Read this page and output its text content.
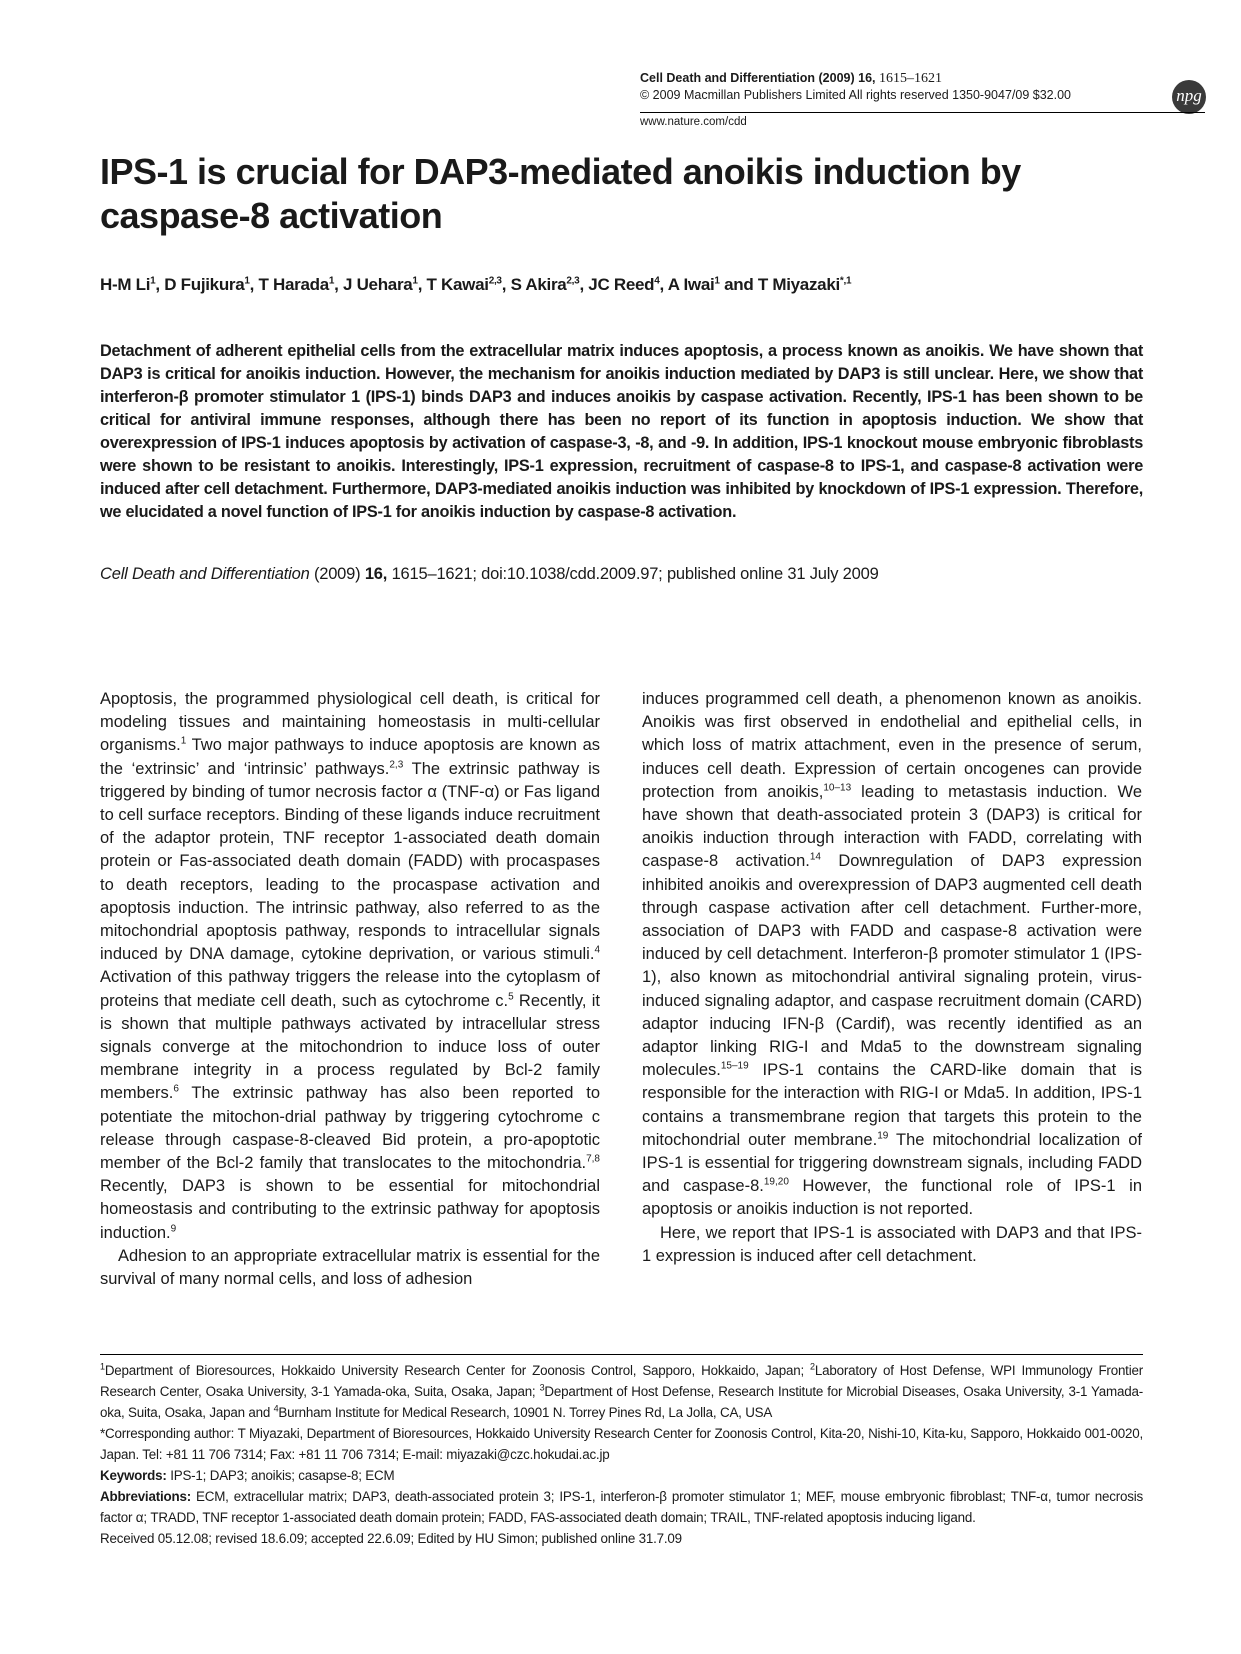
Cell Death and Differentiation (2009) 16, 1615–1621
© 2009 Macmillan Publishers Limited All rights reserved 1350-9047/09 $32.00	npg
www.nature.com/cdd
IPS-1 is crucial for DAP3-mediated anoikis induction by caspase-8 activation
H-M Li$^1$, D Fujikura$^1$, T Harada$^1$, J Uehara$^1$, T Kawai$^{2,3}$, S Akira$^{2,3}$, JC Reed$^4$, A Iwai$^1$ and T Miyazaki$^{*,1}$
Detachment of adherent epithelial cells from the extracellular matrix induces apoptosis, a process known as anoikis. We have shown that DAP3 is critical for anoikis induction. However, the mechanism for anoikis induction mediated by DAP3 is still unclear. Here, we show that interferon-β promoter stimulator 1 (IPS-1) binds DAP3 and induces anoikis by caspase activation. Recently, IPS-1 has been shown to be critical for antiviral immune responses, although there has been no report of its function in apoptosis induction. We show that overexpression of IPS-1 induces apoptosis by activation of caspase-3, -8, and -9. In addition, IPS-1 knockout mouse embryonic fibroblasts were shown to be resistant to anoikis. Interestingly, IPS-1 expression, recruitment of caspase-8 to IPS-1, and caspase-8 activation were induced after cell detachment. Furthermore, DAP3-mediated anoikis induction was inhibited by knockdown of IPS-1 expression. Therefore, we elucidated a novel function of IPS-1 for anoikis induction by caspase-8 activation.
Cell Death and Differentiation (2009) 16, 1615–1621; doi:10.1038/cdd.2009.97; published online 31 July 2009

Apoptosis, the programmed physiological cell death, is critical for modeling tissues and maintaining homeostasis in multi-cellular organisms.$^1$ Two major pathways to induce apoptosis are known as the ‘extrinsic’ and ‘intrinsic’ pathways.$^{2,3}$ The extrinsic pathway is triggered by binding of tumor necrosis factor α (TNF-α) or Fas ligand to cell surface receptors. Binding of these ligands induce recruitment of the adaptor protein, TNF receptor 1-associated death domain protein or Fas-associated death domain (FADD) with procaspases to death receptors, leading to the procaspase activation and apoptosis induction. The intrinsic pathway, also referred to as the mitochondrial apoptosis pathway, responds to intracellular signals induced by DNA damage, cytokine deprivation, or various stimuli.$^4$ Activation of this pathway triggers the release into the cytoplasm of proteins that mediate cell death, such as cytochrome c.$^5$ Recently, it is shown that multiple pathways activated by intracellular stress signals converge at the mitochondrion to induce loss of outer membrane integrity in a process regulated by Bcl-2 family members.$^6$ The extrinsic pathway has also been reported to potentiate the mitochon-drial pathway by triggering cytochrome c release through caspase-8-cleaved Bid protein, a pro-apoptotic member of the Bcl-2 family that translocates to the mitochondria.$^{7,8}$ Recently, DAP3 is shown to be essential for mitochondrial homeostasis and contributing to the extrinsic pathway for apoptosis induction.$^9$

Adhesion to an appropriate extracellular matrix is essential for the survival of many normal cells, and loss of adhesion

induces programmed cell death, a phenomenon known as anoikis. Anoikis was first observed in endothelial and epithelial cells, in which loss of matrix attachment, even in the presence of serum, induces cell death. Expression of certain oncogenes can provide protection from anoikis,$^{10-13}$ leading to metastasis induction. We have shown that death-associated protein 3 (DAP3) is critical for anoikis induction through interaction with FADD, correlating with caspase-8 activation.$^{14}$ Downregulation of DAP3 expression inhibited anoikis and overexpression of DAP3 augmented cell death through caspase activation after cell detachment. Further-more, association of DAP3 with FADD and caspase-8 activation were induced by cell detachment. Interferon-β promoter stimulator 1 (IPS-1), also known as mitochondrial antiviral signaling protein, virus-induced signaling adaptor, and caspase recruitment domain (CARD) adaptor inducing IFN-β (Cardif), was recently identified as an adaptor linking RIG-I and Mda5 to the downstream signaling molecules.$^{15-19}$ IPS-1 contains the CARD-like domain that is responsible for the interaction with RIG-I or Mda5. In addition, IPS-1 contains a transmembrane region that targets this protein to the mitochondrial outer membrane.$^{19}$ The mitochondrial localization of IPS-1 is essential for triggering downstream signals, including FADD and caspase-8.$^{19,20}$ However, the functional role of IPS-1 in apoptosis or anoikis induction is not reported.

Here, we report that IPS-1 is associated with DAP3 and that IPS-1 expression is induced after cell detachment.

$^1$Department of Bioresources, Hokkaido University Research Center for Zoonosis Control, Sapporo, Hokkaido, Japan; $^2$Laboratory of Host Defense, WPI Immunology Frontier Research Center, Osaka University, 3-1 Yamada-oka, Suita, Osaka, Japan; $^3$Department of Host Defense, Research Institute for Microbial Diseases, Osaka University, 3-1 Yamada-oka, Suita, Osaka, Japan and $^4$Burnham Institute for Medical Research, 10901 N. Torrey Pines Rd, La Jolla, CA, USA

*Corresponding author: T Miyazaki, Department of Bioresources, Hokkaido University Research Center for Zoonosis Control, Kita-20, Nishi-10, Kita-ku, Sapporo, Hokkaido 001-0020, Japan. Tel: +81 11 706 7314; Fax: +81 11 706 7314; E-mail: miyazaki@czc.hokudai.ac.jp

Keywords: IPS-1; DAP3; anoikis; casapse-8; ECM

Abbreviations: ECM, extracellular matrix; DAP3, death-associated protein 3; IPS-1, interferon-β promoter stimulator 1; MEF, mouse embryonic fibroblast; TNF-α, tumor necrosis factor α; TRADD, TNF receptor 1-associated death domain protein; FADD, FAS-associated death domain; TRAIL, TNF-related apoptosis inducing ligand.

Received 05.12.08; revised 18.6.09; accepted 22.6.09; Edited by HU Simon; published online 31.7.09
